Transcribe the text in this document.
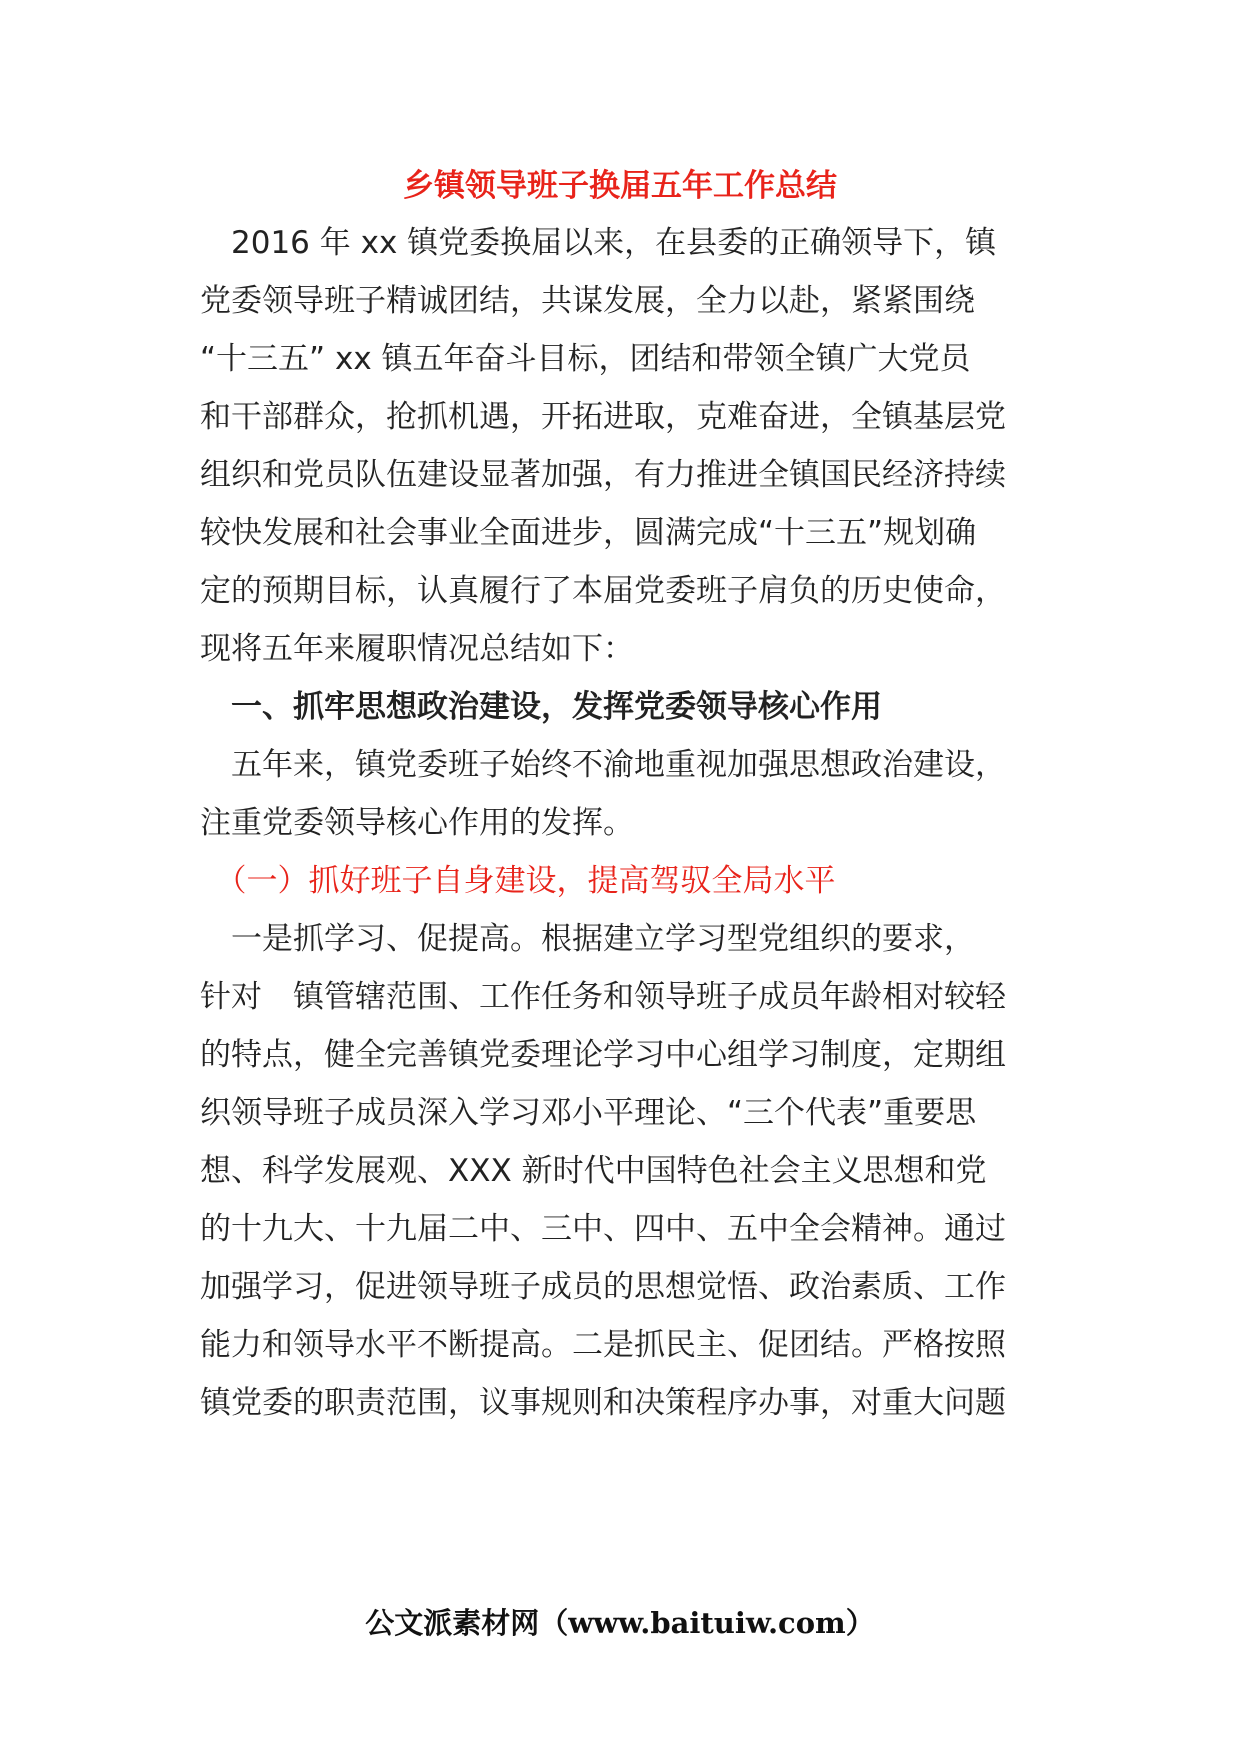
乡镇领导班子换届五年工作总结
　2016 年 xx 镇党委换届以来，在县委的正确领导下，镇
党委领导班子精诚团结，共谋发展，全力以赴，紧紧围绕
“十三五” xx 镇五年奋斗目标，团结和带领全镇广大党员
和干部群众，抢抓机遇，开拓进取，克难奋进，全镇基层党
组织和党员队伍建设显著加强，有力推进全镇国民经济持续
较快发展和社会事业全面进步，圆满完成“十三五”规划确
定的预期目标，认真履行了本届党委班子肩负的历史使命，
现将五年来履职情况总结如下：
　一、抓牢思想政治建设，发挥党委领导核心作用
　五年来，镇党委班子始终不渝地重视加强思想政治建设，
注重党委领导核心作用的发挥。
　（一）抓好班子自身建设，提高驾驭全局水平
　一是抓学习、促提高。根据建立学习型党组织的要求，
针对　镇管辖范围、工作任务和领导班子成员年龄相对较轻
的特点，健全完善镇党委理论学习中心组学习制度，定期组
织领导班子成员深入学习邓小平理论、“三个代表”重要思
想、科学发展观、XXX 新时代中国特色社会主义思想和党
的十九大、十九届二中、三中、四中、五中全会精神。通过
加强学习，促进领导班子成员的思想觉悟、政治素质、工作
能力和领导水平不断提高。二是抓民主、促团结。严格按照
镇党委的职责范围，议事规则和决策程序办事，对重大问题
公文派素材网（www.baituiw.com）
